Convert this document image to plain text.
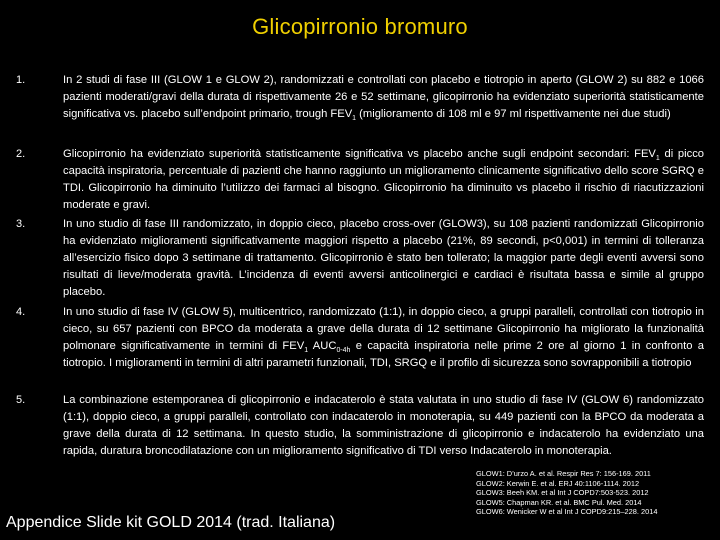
Glicopirronio bromuro
1.	In 2 studi di fase III (GLOW 1 e GLOW 2), randomizzati e controllati con placebo e tiotropio in aperto (GLOW 2) su 882 e 1066 pazienti moderati/gravi della durata di rispettivamente 26 e 52 settimane, glicopirronio ha evidenziato superiorità statisticamente significativa vs. placebo sull’endpoint primario, trough $FEV_1$ (miglioramento di 108 ml e 97 ml rispettivamente nei due studi)
2.	Glicopirronio ha evidenziato superiorità statisticamente significativa vs placebo anche sugli endpoint secondari: $FEV_1$ di picco capacità inspiratoria, percentuale di pazienti che hanno raggiunto un miglioramento clinicamente significativo dello score SGRQ e TDI. Glicopirronio ha diminuito l’utilizzo dei farmaci al bisogno. Glicopirronio ha diminuito vs placebo il rischio di riacutizzazioni moderate e gravi.
3.	In uno studio di fase III randomizzato, in doppio cieco, placebo cross-over (GLOW3), su 108 pazienti randomizzati Glicopirronio ha evidenziato miglioramenti significativamente maggiori rispetto a placebo (21%, 89 secondi, p<0,001) in termini di tolleranza all’esercizio fisico dopo 3 settimane di trattamento. Glicopirronio è stato ben tollerato; la maggior parte degli eventi avversi sono risultati di lieve/moderata gravità. L’incidenza di eventi avversi anticolinergici e cardiaci è risultata bassa e simile al gruppo placebo.
4.	In uno studio di fase IV (GLOW 5), multicentrico, randomizzato (1:1), in doppio cieco, a gruppi paralleli, controllati con tiotropio in cieco, su 657 pazienti con BPCO da moderata a grave della durata di 12 settimane Glicopirronio ha migliorato la funzionalità polmonare significativamente in termini di $FEV_1$ $AUC_{0-4h}$ e capacità inspiratoria nelle prime 2 ore al giorno 1 in confronto a tiotropio. I miglioramenti in termini di altri parametri funzionali, TDI, SRGQ e il profilo di sicurezza sono sovrapponibili a tiotropio
5.	La combinazione estemporanea di glicopirronio e indacaterolo è stata valutata in uno studio di fase IV (GLOW 6) randomizzato (1:1), doppio cieco, a gruppi paralleli, controllato con indacaterolo in monoterapia, su 449 pazienti con la BPCO da moderata a grave della durata di 12 settimana. In questo studio, la somministrazione di glicopirronio e indacaterolo ha evidenziato una rapida, duratura broncodilatazione con un miglioramento significativo di TDI verso Indacaterolo in monoterapia.
GLOW1: D’urzo A. et al. Respir Res 7: 156-169. 2011
GLOW2: Kerwin E. et al. ERJ 40:1106-1114. 2012
GLOW3: Beeh KM. et al Int J COPD7:503-523. 2012
GLOW5: Chapman KR. et al. BMC Pul. Med. 2014
GLOW6: Wenicker W et al Int J COPD9:215–228. 2014
Appendice Slide kit GOLD 2014 (trad. Italiana)
